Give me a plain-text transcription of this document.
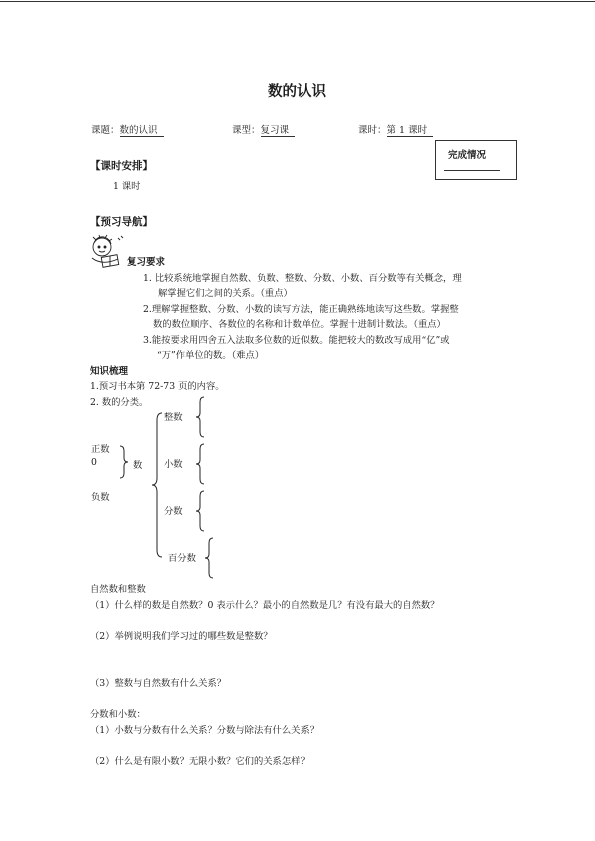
数的认识
课题：数的认识	课型：复习课	课时：第 1 课时
完成情况
【课时安排】
1 课时
【预习导航】
复习要求
1. 比较系统地掌握自然数、负数、整数、分数、小数、百分数等有关概念，理
解掌握它们之间的关系。（重点）
2.理解掌握整数、分数、小数的读写方法，能正确熟练地读写这些数。掌握整
数的数位顺序、各数位的名称和计数单位。掌握十进制计数法。（重点）
3.能按要求用四舍五入法取多位数的近似数。能把较大的数改写成用“亿”或
“万”作单位的数。（难点）
知识梳理
1.预习书本第 72-73 页的内容。
2. 数的分类。
正数
0
负数
数
整数
小数
分数
百分数
自然数和整数
（1）什么样的数是自然数？0 表示什么？最小的自然数是几？有没有最大的自然数？
（2）举例说明我们学习过的哪些数是整数？
（3）整数与自然数有什么关系？
分数和小数：
（1）小数与分数有什么关系？分数与除法有什么关系？
（2）什么是有限小数？无限小数？它们的关系怎样？
